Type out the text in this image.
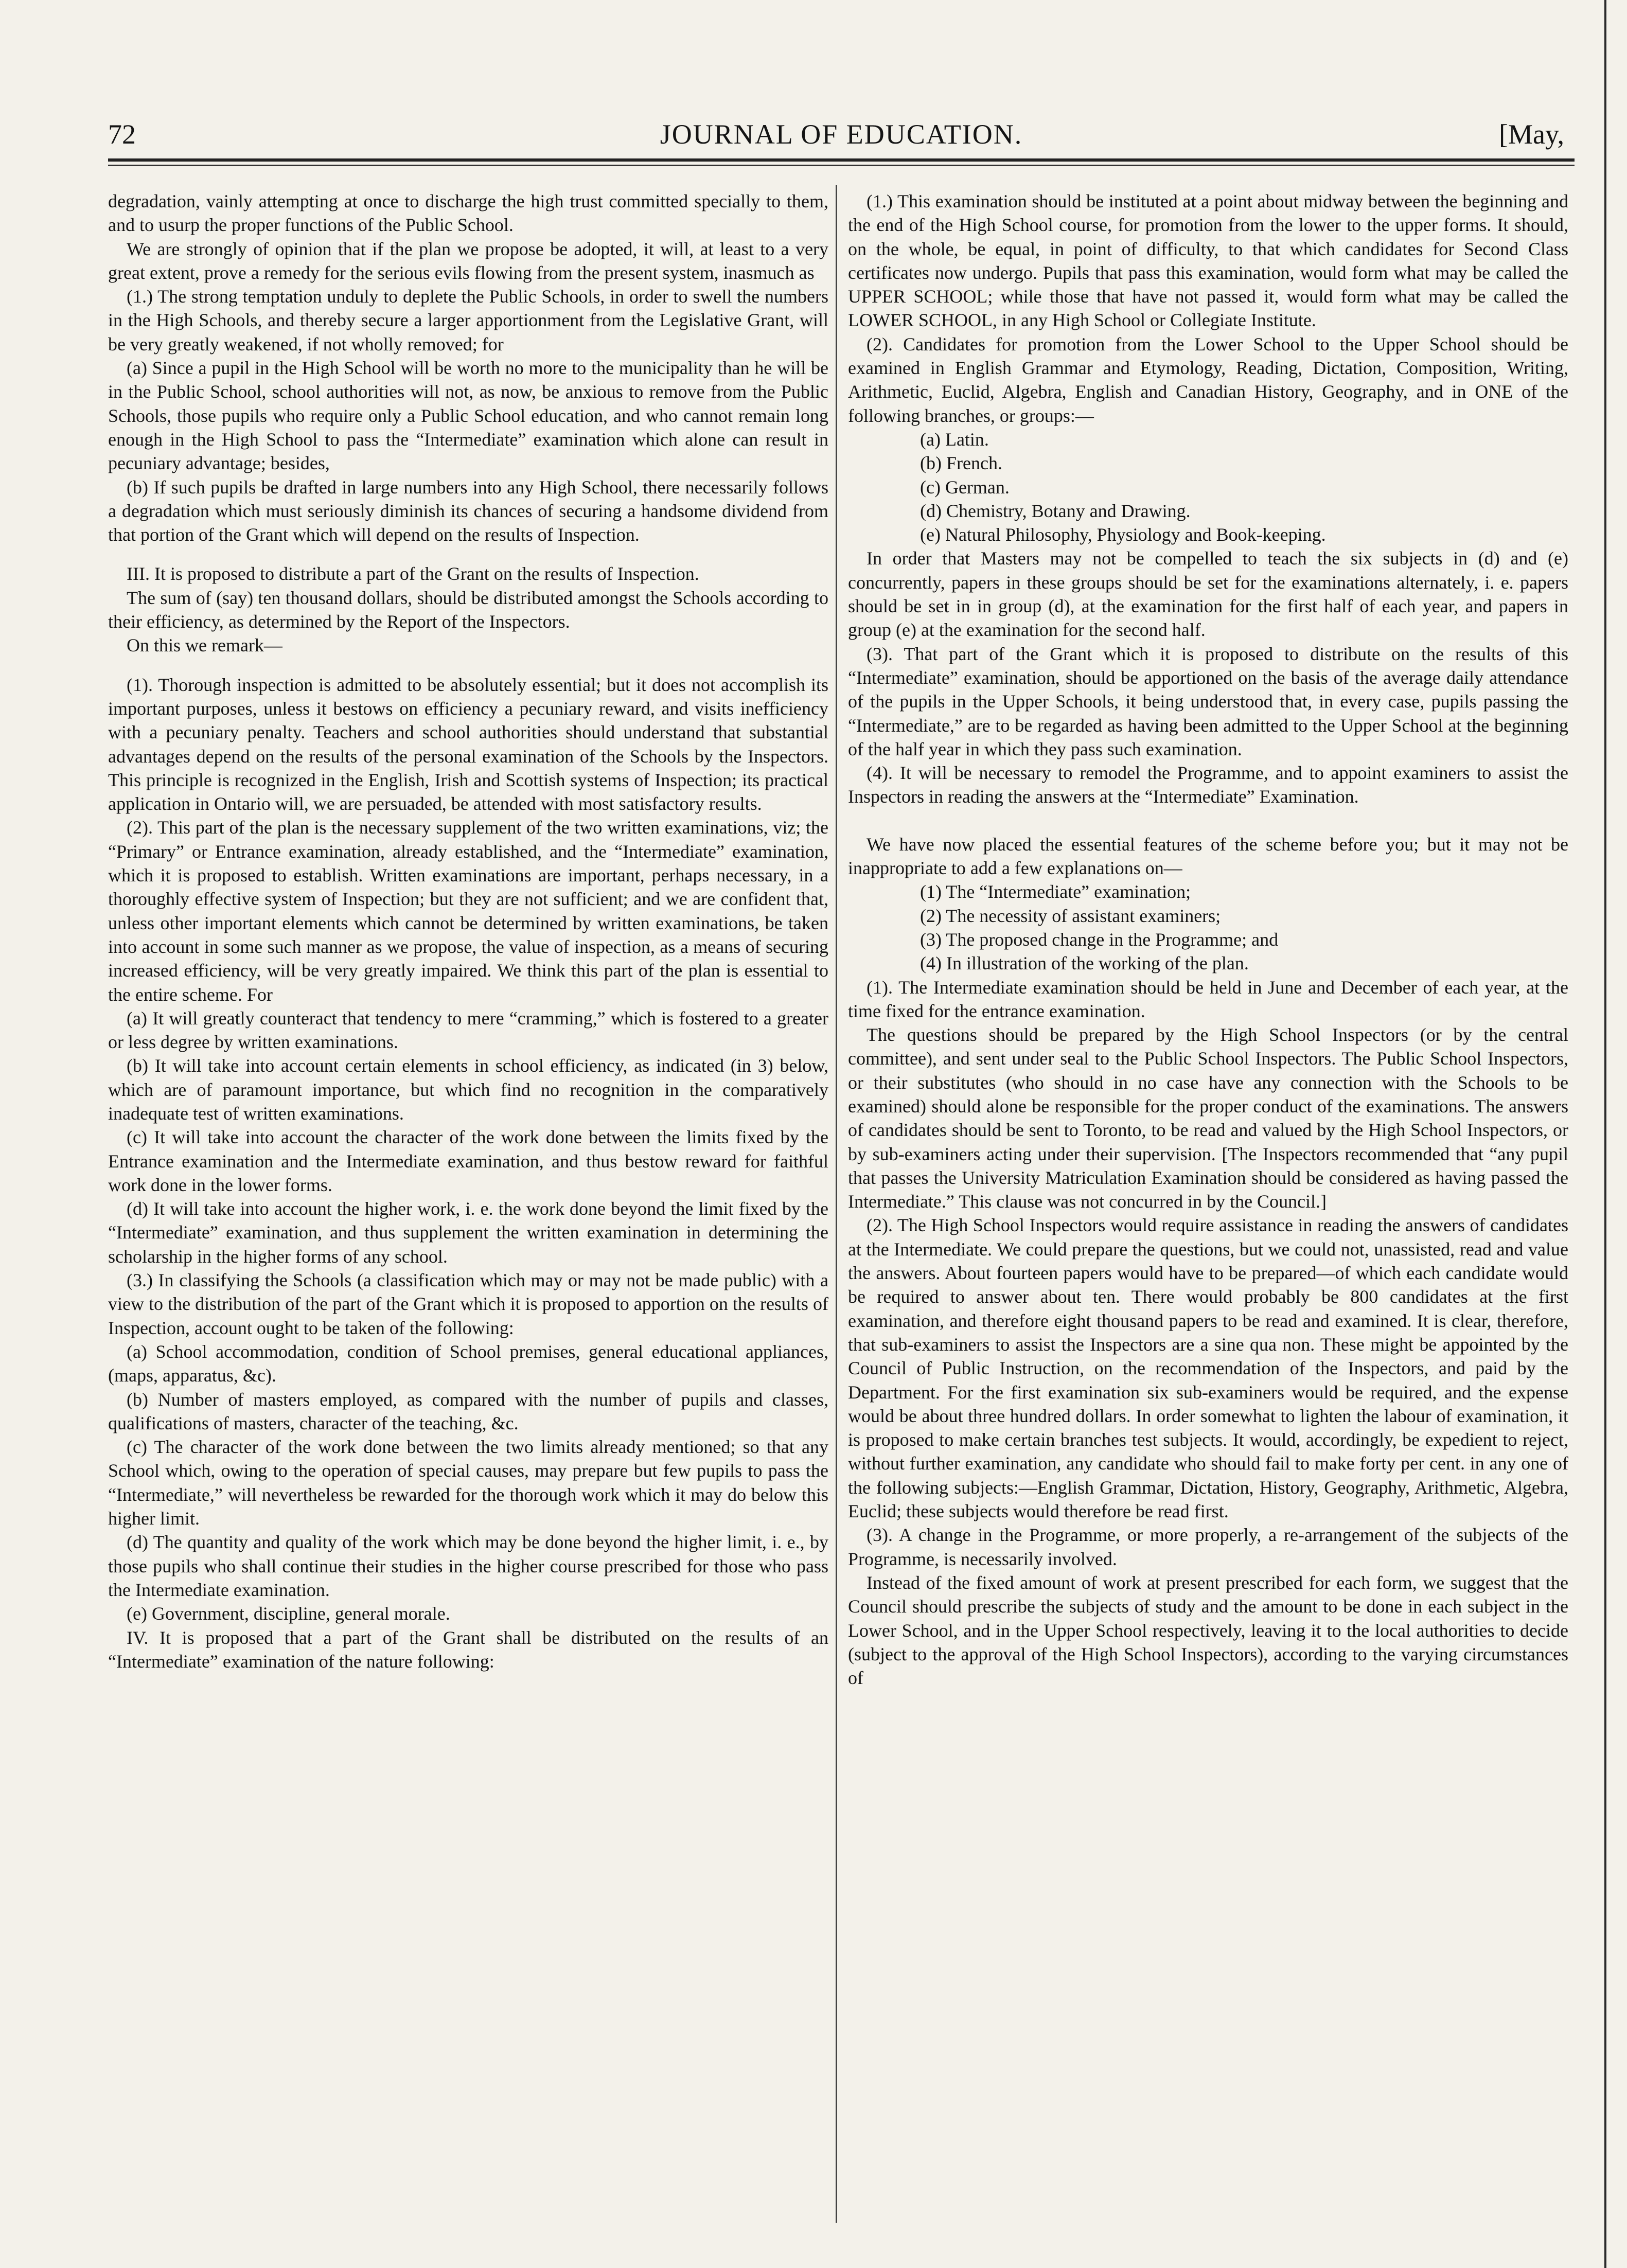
72	JOURNAL OF EDUCATION.	[May,

degradation, vainly attempting at once to discharge the high trust committed specially to them, and to usurp the proper functions of the Public School.

We are strongly of opinion that if the plan we propose be adopted, it will, at least to a very great extent, prove a remedy for the serious evils flowing from the present system, inasmuch as

(1.) The strong temptation unduly to deplete the Public Schools, in order to swell the numbers in the High Schools, and thereby secure a larger apportionment from the Legislative Grant, will be very greatly weakened, if not wholly removed; for

(a) Since a pupil in the High School will be worth no more to the municipality than he will be in the Public School, school authorities will not, as now, be anxious to remove from the Public Schools, those pupils who require only a Public School education, and who cannot remain long enough in the High School to pass the “Intermediate” examination which alone can result in pecuniary advantage; besides,

(b) If such pupils be drafted in large numbers into any High School, there necessarily follows a degradation which must seriously diminish its chances of securing a handsome dividend from that portion of the Grant which will depend on the results of Inspection.

III. It is proposed to distribute a part of the Grant on the results of Inspection.

The sum of (say) ten thousand dollars, should be distributed amongst the Schools according to their efficiency, as determined by the Report of the Inspectors.

On this we remark—

(1). Thorough inspection is admitted to be absolutely essential; but it does not accomplish its important purposes, unless it bestows on efficiency a pecuniary reward, and visits inefficiency with a pecuniary penalty. Teachers and school authorities should understand that substantial advantages depend on the results of the personal examination of the Schools by the Inspectors. This principle is recognized in the English, Irish and Scottish systems of Inspection; its practical application in Ontario will, we are persuaded, be attended with most satisfactory results.

(2). This part of the plan is the necessary supplement of the two written examinations, viz; the “Primary” or Entrance examination, already established, and the “Intermediate” examination, which it is proposed to establish. Written examinations are important, perhaps necessary, in a thoroughly effective system of Inspection; but they are not sufficient; and we are confident that, unless other important elements which cannot be determined by written examinations, be taken into account in some such manner as we propose, the value of inspection, as a means of securing increased efficiency, will be very greatly impaired. We think this part of the plan is essential to the entire scheme. For

(a) It will greatly counteract that tendency to mere “cramming,” which is fostered to a greater or less degree by written examinations.

(b) It will take into account certain elements in school efficiency, as indicated (in 3) below, which are of paramount importance, but which find no recognition in the comparatively inadequate test of written examinations.

(c) It will take into account the character of the work done between the limits fixed by the Entrance examination and the Intermediate examination, and thus bestow reward for faithful work done in the lower forms.

(d) It will take into account the higher work, i. e. the work done beyond the limit fixed by the “Intermediate” examination, and thus supplement the written examination in determining the scholarship in the higher forms of any school.

(3.) In classifying the Schools (a classification which may or may not be made public) with a view to the distribution of the part of the Grant which it is proposed to apportion on the results of Inspection, account ought to be taken of the following:

(a) School accommodation, condition of School premises, general educational appliances, (maps, apparatus, &c).

(b) Number of masters employed, as compared with the number of pupils and classes, qualifications of masters, character of the teaching, &c.

(c) The character of the work done between the two limits already mentioned; so that any School which, owing to the operation of special causes, may prepare but few pupils to pass the “Intermediate,” will nevertheless be rewarded for the thorough work which it may do below this higher limit.

(d) The quantity and quality of the work which may be done beyond the higher limit, i. e., by those pupils who shall continue their studies in the higher course prescribed for those who pass the Intermediate examination.

(e) Government, discipline, general morale.

IV. It is proposed that a part of the Grant shall be distributed on the results of an “Intermediate” examination of the nature following:

(1.) This examination should be instituted at a point about midway between the beginning and the end of the High School course, for promotion from the lower to the upper forms. It should, on the whole, be equal, in point of difficulty, to that which candidates for Second Class certificates now undergo. Pupils that pass this examination, would form what may be called the UPPER SCHOOL; while those that have not passed it, would form what may be called the LOWER SCHOOL, in any High School or Collegiate Institute.

(2). Candidates for promotion from the Lower School to the Upper School should be examined in English Grammar and Etymology, Reading, Dictation, Composition, Writing, Arithmetic, Euclid, Algebra, English and Canadian History, Geography, and in ONE of the following branches, or groups:—

(a) Latin.
(b) French.
(c) German.
(d) Chemistry, Botany and Drawing.
(e) Natural Philosophy, Physiology and Book-keeping.

In order that Masters may not be compelled to teach the six subjects in (d) and (e) concurrently, papers in these groups should be set for the examinations alternately, i. e. papers should be set in in group (d), at the examination for the first half of each year, and papers in group (e) at the examination for the second half.

(3). That part of the Grant which it is proposed to distribute on the results of this “Intermediate” examination, should be apportioned on the basis of the average daily attendance of the pupils in the Upper Schools, it being understood that, in every case, pupils passing the “Intermediate,” are to be regarded as having been admitted to the Upper School at the beginning of the half year in which they pass such examination.

(4). It will be necessary to remodel the Programme, and to appoint examiners to assist the Inspectors in reading the answers at the “Intermediate” Examination.

We have now placed the essential features of the scheme before you; but it may not be inappropriate to add a few explanations on—

(1) The “Intermediate” examination;
(2) The necessity of assistant examiners;
(3) The proposed change in the Programme; and
(4) In illustration of the working of the plan.

(1). The Intermediate examination should be held in June and December of each year, at the time fixed for the entrance examination.

The questions should be prepared by the High School Inspectors (or by the central committee), and sent under seal to the Public School Inspectors. The Public School Inspectors, or their substitutes (who should in no case have any connection with the Schools to be examined) should alone be responsible for the proper conduct of the examinations. The answers of candidates should be sent to Toronto, to be read and valued by the High School Inspectors, or by sub-examiners acting under their supervision. [The Inspectors recommended that “any pupil that passes the University Matriculation Examination should be considered as having passed the Intermediate.” This clause was not concurred in by the Council.]

(2). The High School Inspectors would require assistance in reading the answers of candidates at the Intermediate. We could prepare the questions, but we could not, unassisted, read and value the answers. About fourteen papers would have to be prepared—of which each candidate would be required to answer about ten. There would probably be 800 candidates at the first examination, and therefore eight thousand papers to be read and examined. It is clear, therefore, that sub-examiners to assist the Inspectors are a sine qua non. These might be appointed by the Council of Public Instruction, on the recommendation of the Inspectors, and paid by the Department. For the first examination six sub-examiners would be required, and the expense would be about three hundred dollars. In order somewhat to lighten the labour of examination, it is proposed to make certain branches test subjects. It would, accordingly, be expedient to reject, without further examination, any candidate who should fail to make forty per cent. in any one of the following subjects:—English Grammar, Dictation, History, Geography, Arithmetic, Algebra, Euclid; these subjects would therefore be read first.

(3). A change in the Programme, or more properly, a re-arrangement of the subjects of the Programme, is necessarily involved.

Instead of the fixed amount of work at present prescribed for each form, we suggest that the Council should prescribe the subjects of study and the amount to be done in each subject in the Lower School, and in the Upper School respectively, leaving it to the local authorities to decide (subject to the approval of the High School Inspectors), according to the varying circumstances of
